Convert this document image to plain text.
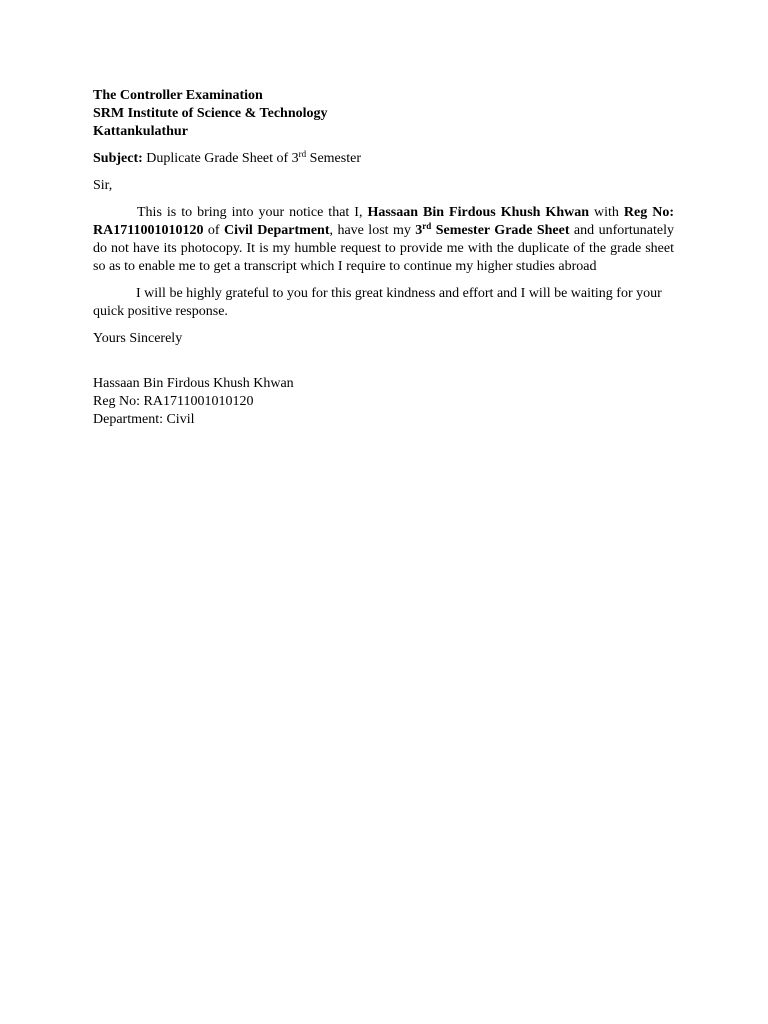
The Controller Examination
SRM Institute of Science & Technology
Kattankulathur
Subject: Duplicate Grade Sheet of 3rd Semester
Sir,
This is to bring into your notice that I, Hassaan Bin Firdous Khush Khwan with Reg No: RA1711001010120 of Civil Department, have lost my 3rd Semester Grade Sheet and unfortunately do not have its photocopy. It is my humble request to provide me with the duplicate of the grade sheet so as to enable me to get a transcript which I require to continue my higher studies abroad
I will be highly grateful to you for this great kindness and effort and I will be waiting for your quick positive response.
Yours Sincerely
Hassaan Bin Firdous Khush Khwan
Reg No: RA1711001010120
Department: Civil
